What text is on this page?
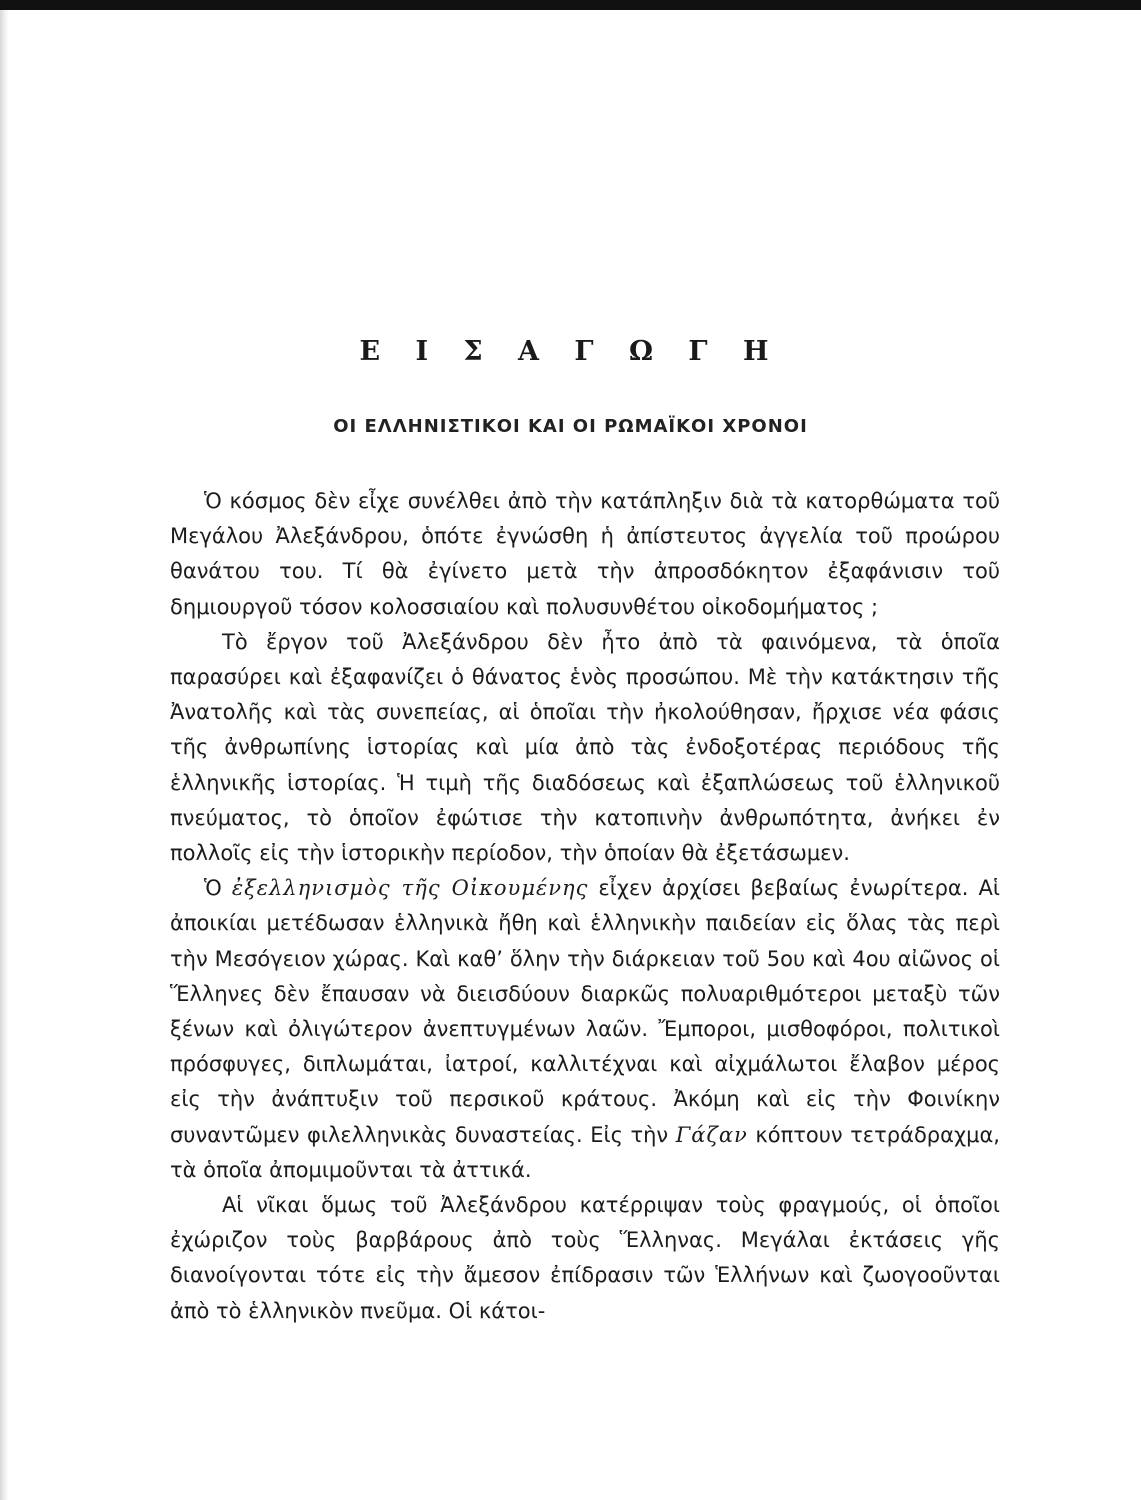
Ε Ι Σ Α Γ Ω Γ Η
ΟΙ ΕΛΛΗΝΙΣΤΙΚΟΙ ΚΑΙ ΟΙ ΡΩΜΑΪΚΟΙ ΧΡΟΝΟΙ

Ὁ κόσμος δὲν εἶχε συνέλθει ἀπὸ τὴν κατάπληξιν διὰ τὰ κατορθώματα τοῦ Μεγάλου Ἀλεξάνδρου, ὁπότε ἐγνώσθη ἡ ἀπίστευτος ἀγγελία τοῦ προώρου θανάτου του. Τί θὰ ἐγίνετο μετὰ τὴν ἀπροσδόκητον ἐξαφάνισιν τοῦ δημιουργοῦ τόσον κολοσσιαίου καὶ πολυσυνθέτου οἰκοδομήματος ;

Τὸ ἔργον τοῦ Ἀλεξάνδρου δὲν ἦτο ἀπὸ τὰ φαινόμενα, τὰ ὁποῖα παρασύρει καὶ ἐξαφανίζει ὁ θάνατος ἑνὸς προσώπου. Μὲ τὴν κατάκτησιν τῆς Ἀνατολῆς καὶ τὰς συνεπείας, αἱ ὁποῖαι τὴν ἠκολούθησαν, ἤρχισε νέα φάσις τῆς ἀνθρωπίνης ἱστορίας καὶ μία ἀπὸ τὰς ἐνδοξοτέρας περιόδους τῆς ἑλληνικῆς ἱστορίας. Ἡ τιμὴ τῆς διαδόσεως καὶ ἐξαπλώσεως τοῦ ἑλληνικοῦ πνεύματος, τὸ ὁποῖον ἐφώτισε τὴν κατοπινὴν ἀνθρωπότητα, ἀνήκει ἐν πολλοῖς εἰς τὴν ἱστορικὴν περίοδον, τὴν ὁποίαν θὰ ἐξετάσωμεν.

Ὁ ἐξελληνισμὸς τῆς Οἰκουμένης εἶχεν ἀρχίσει βεβαίως ἐνωρίτερα. Αἱ ἀποικίαι μετέδωσαν ἑλληνικὰ ἤθη καὶ ἑλληνικὴν παιδείαν εἰς ὅλας τὰς περὶ τὴν Μεσόγειον χώρας. Καὶ καθ’ ὅλην τὴν διάρκειαν τοῦ 5ου καὶ 4ου αἰῶνος οἱ Ἕλληνες δὲν ἔπαυσαν νὰ διεισδύουν διαρκῶς πολυαριθμότεροι μεταξὺ τῶν ξένων καὶ ὀλιγώτερον ἀνεπτυγμένων λαῶν. Ἔμποροι, μισθοφόροι, πολιτικοὶ πρόσφυγες, διπλωμάται, ἰατροί, καλλιτέχναι καὶ αἰχμάλωτοι ἔλαβον μέρος εἰς τὴν ἀνάπτυξιν τοῦ περσικοῦ κράτους. Ἀκόμη καὶ εἰς τὴν Φοινίκην συναντῶμεν φιλελληνικὰς δυναστείας. Εἰς τὴν Γάζαν κόπτουν τετράδραχμα, τὰ ὁποῖα ἀπομιμοῦνται τὰ ἀττικά.

Αἱ νῖκαι ὅμως τοῦ Ἀλεξάνδρου κατέρριψαν τοὺς φραγμούς, οἱ ὁποῖοι ἐχώριζον τοὺς βαρβάρους ἀπὸ τοὺς Ἕλληνας. Μεγάλαι ἐκτάσεις γῆς διανοίγονται τότε εἰς τὴν ἄμεσον ἐπίδρασιν τῶν Ἑλλήνων καὶ ζωογοοῦνται ἀπὸ τὸ ἑλληνικὸν πνεῦμα. Οἱ κάτοι-
